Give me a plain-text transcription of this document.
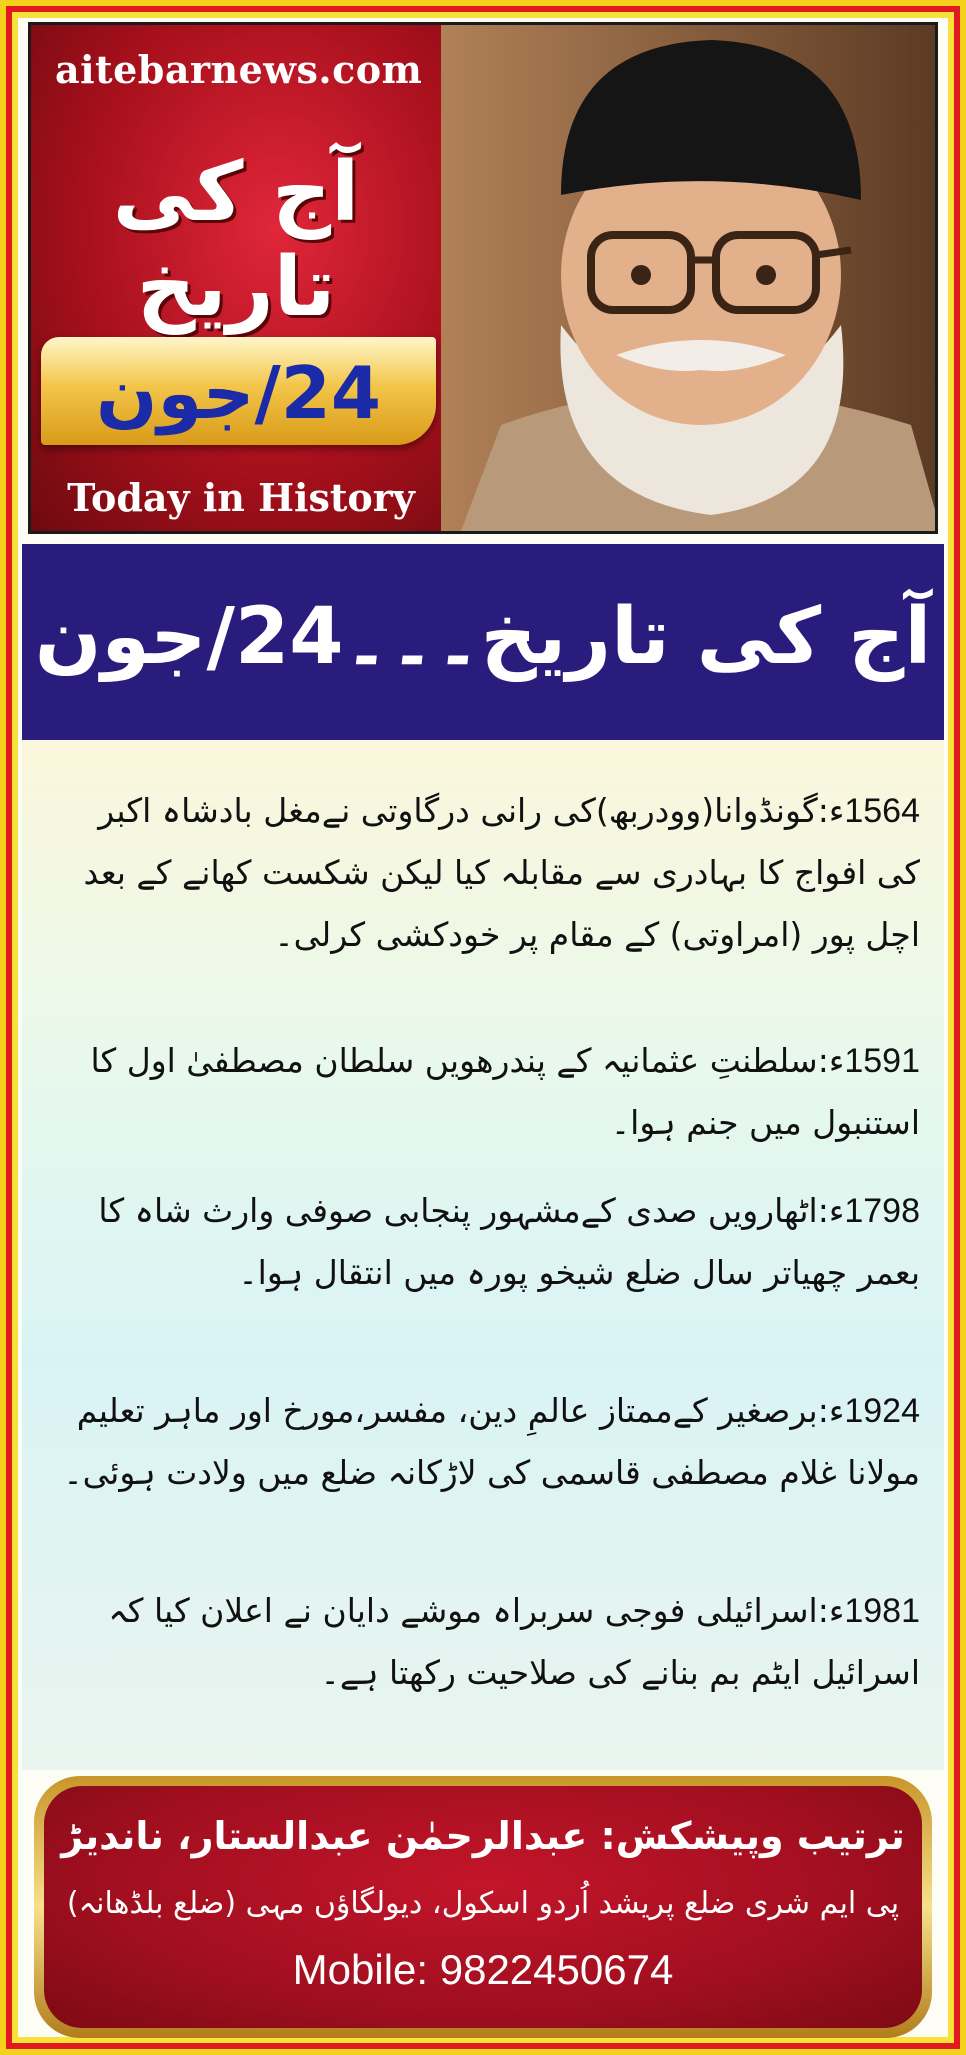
aitebarnews.com
آج کی تاریخ
24/جون
Today in History
آج کی تاریخ۔۔۔24/جون
1564ء:گونڈوانا(وودربھ)کی رانی درگاوتی نےمغل بادشاہ اکبر کی افواج کا بہادری سے مقابلہ کیا لیکن شکست کھانے کے بعد اچل پور (امراوتی) کے مقام پر خودکشی کرلی۔
1591ء:سلطنتِ عثمانیہ کے پندرھویں سلطان مصطفیٰ اول کا استنبول میں جنم ہوا۔
1798ء:اٹھارویں صدی کےمشہور پنجابی صوفی وارث شاہ کا بعمر چھیاتر سال ضلع شیخو پورہ میں انتقال ہوا۔
1924ء:برصغیر کےممتاز عالمِ دین، مفسر،مورخ اور ماہر تعلیم مولانا غلام مصطفی قاسمی کی لاڑکانہ ضلع میں ولادت ہوئی۔
1981ء:اسرائیلی فوجی سربراہ موشے دایان نے اعلان کیا کہ اسرائیل ایٹم بم بنانے کی صلاحیت رکھتا ہے۔
ترتیب وپیشکش: عبدالرحمٰن عبدالستار، ناندیڑ
پی ایم شری ضلع پریشد اُردو اسکول، دیولگاؤں مہی (ضلع بلڈھانہ)
Mobile: 9822450674
